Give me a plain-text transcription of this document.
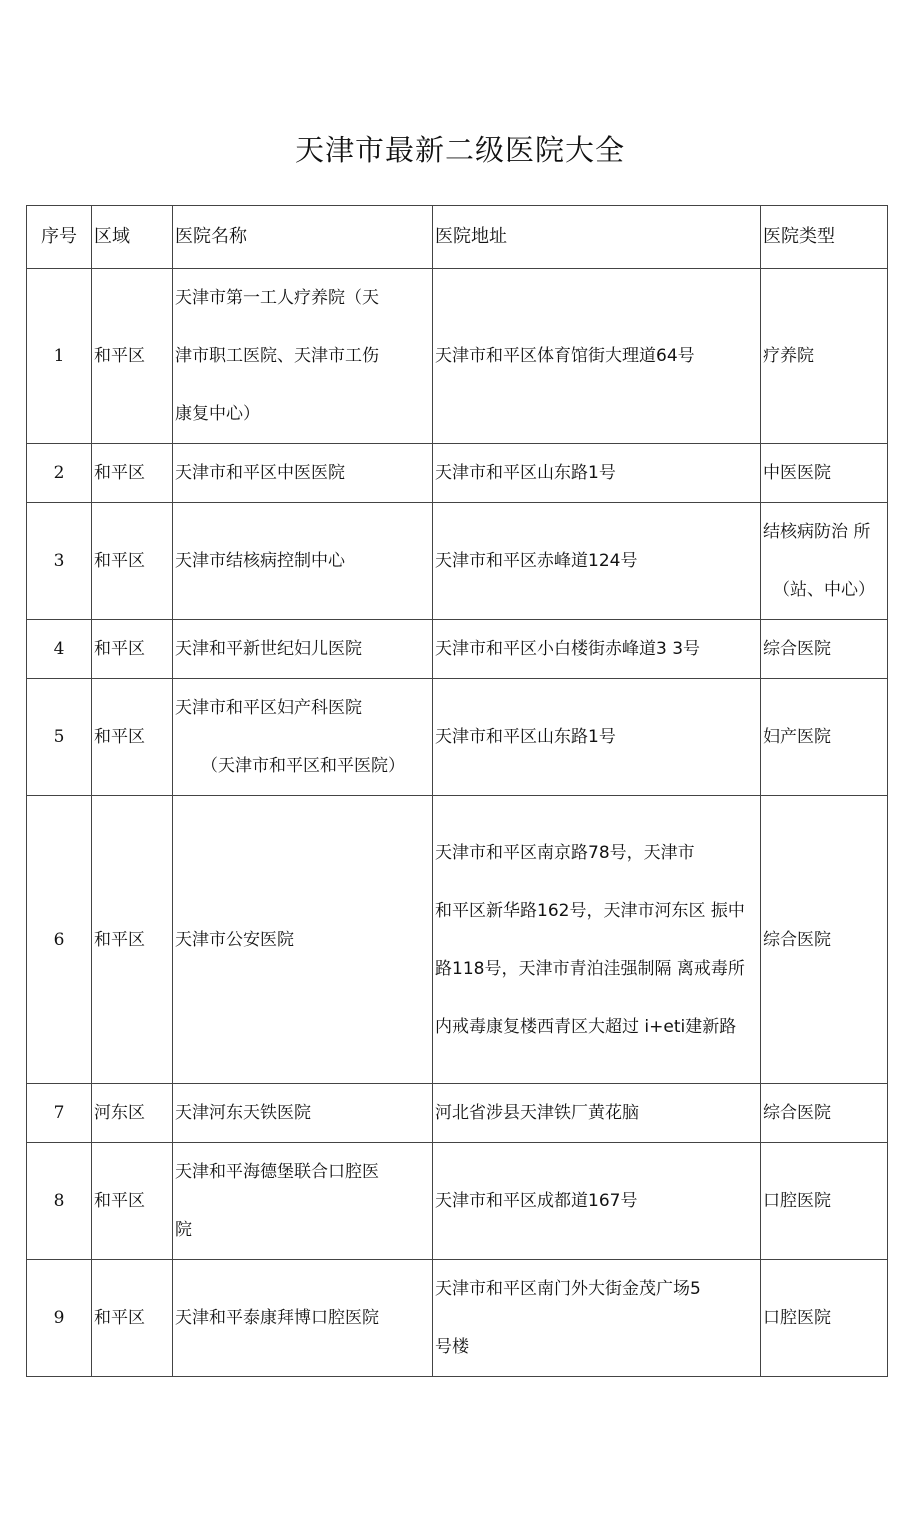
天津市最新二级医院大全
序号	区域	医院名称	医院地址	医院类型
1	和平区	天津市第一工人疗养院（天
津市职工医院、天津市工伤
康复中心）	天津市和平区体育馆街大理道64号	疗养院

2	和平区	天津市和平区中医医院	天津市和平区山东路1号	中医医院

3	和平区	天津市结核病控制中心	天津市和平区赤峰道124号	结核病防治 所
（站、中心）

4	和平区	天津和平新世纪妇儿医院	天津市和平区小白楼街赤峰道3 3号	综合医院

5	和平区	天津市和平区妇产科医院
（天津市和平区和平医院）	天津市和平区山东路1号	妇产医院

6	和平区	天津市公安医院	天津市和平区南京路78号，天津市
和平区新华路162号，天津市河东区 振中
路118号，天津市青泊洼强制隔 离戒毒所
内戒毒康复楼西青区大超过 i+eti建新路	综合医院

7	河东区	天津河东天铁医院	河北省涉县天津铁厂黄花脑	综合医院

8	和平区	天津和平海德堡联合口腔医
院	天津市和平区成都道167号	口腔医院

9	和平区	天津和平泰康拜博口腔医院	天津市和平区南门外大街金茂广场5
号楼	口腔医院
